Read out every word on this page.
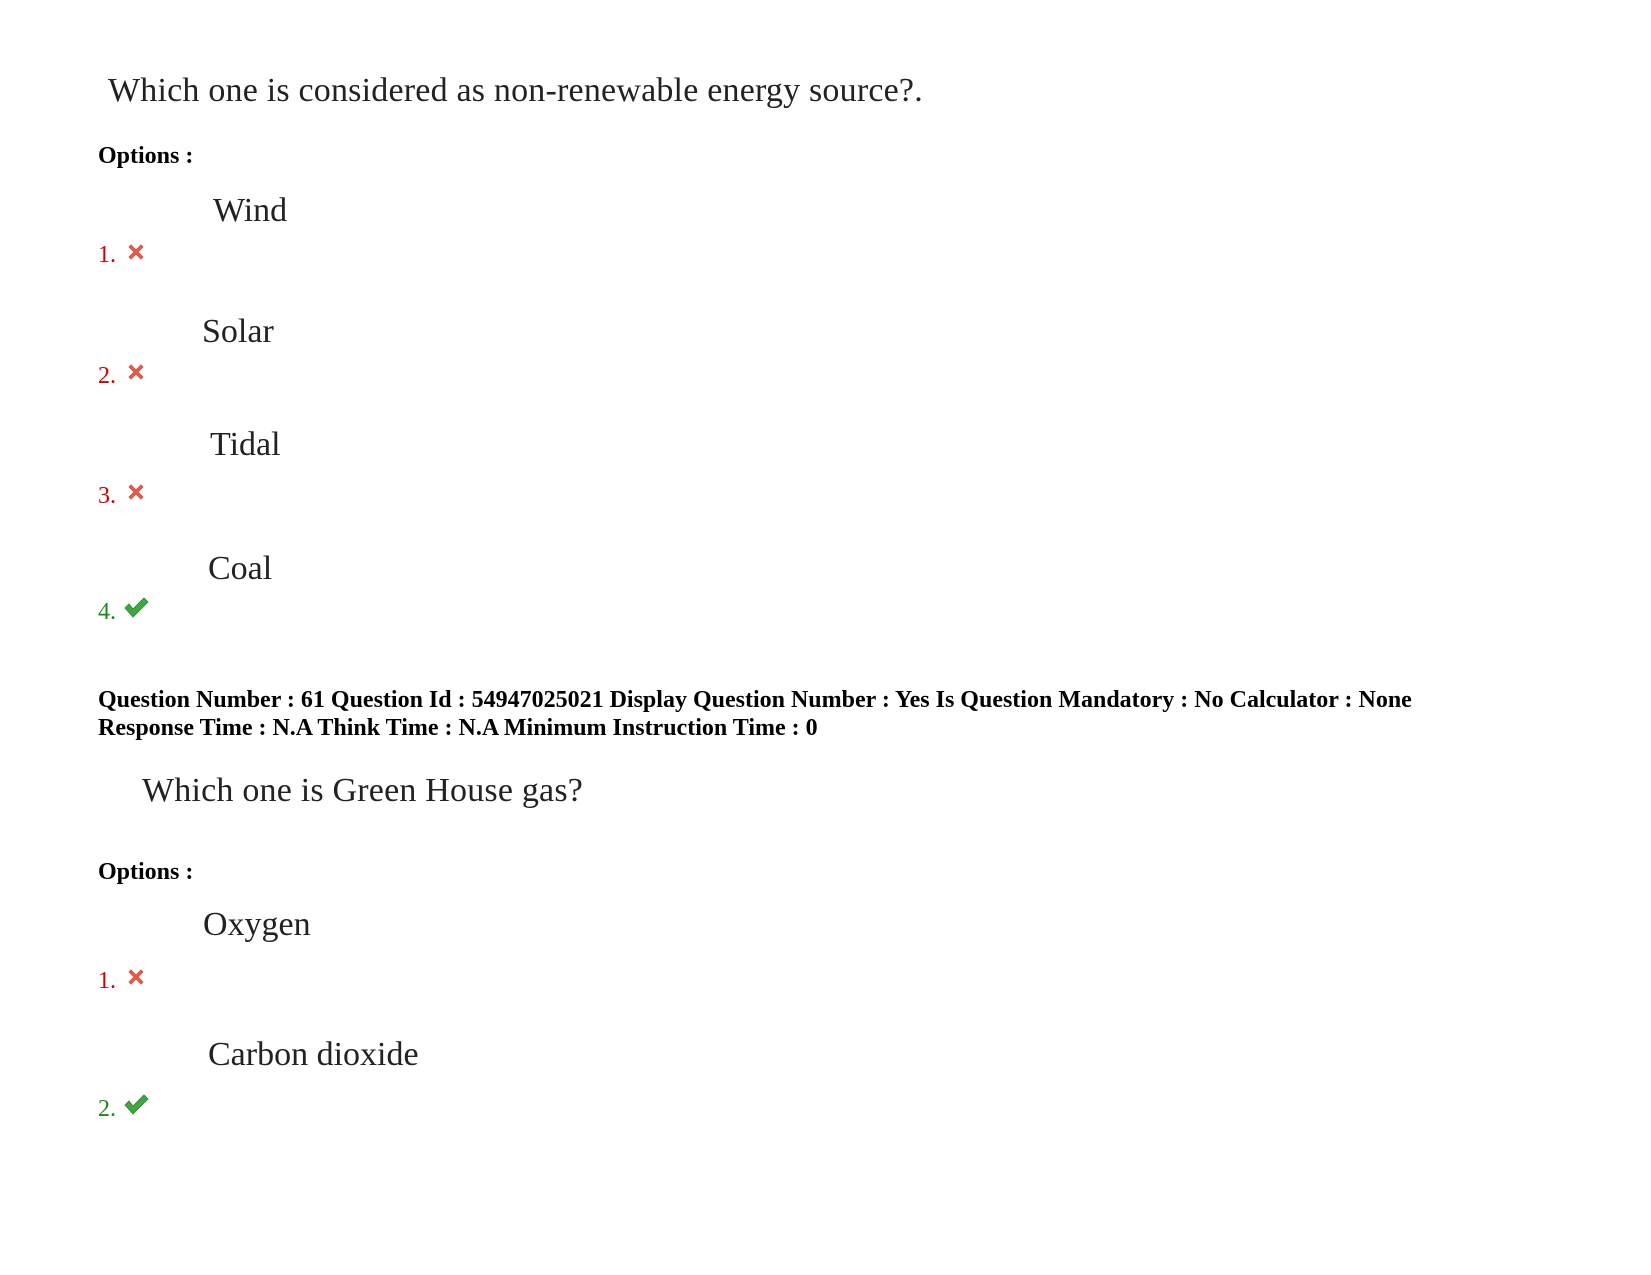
Which one is considered as non-renewable energy source?.
Options :
Wind
1.
Solar
2.
Tidal
3.
Coal
4.
Question Number : 61 Question Id : 54947025021 Display Question Number : Yes Is Question Mandatory : No Calculator : None
Response Time : N.A Think Time : N.A Minimum Instruction Time : 0
Which one is Green House gas?
Options :
Oxygen
1.
Carbon dioxide
2.
